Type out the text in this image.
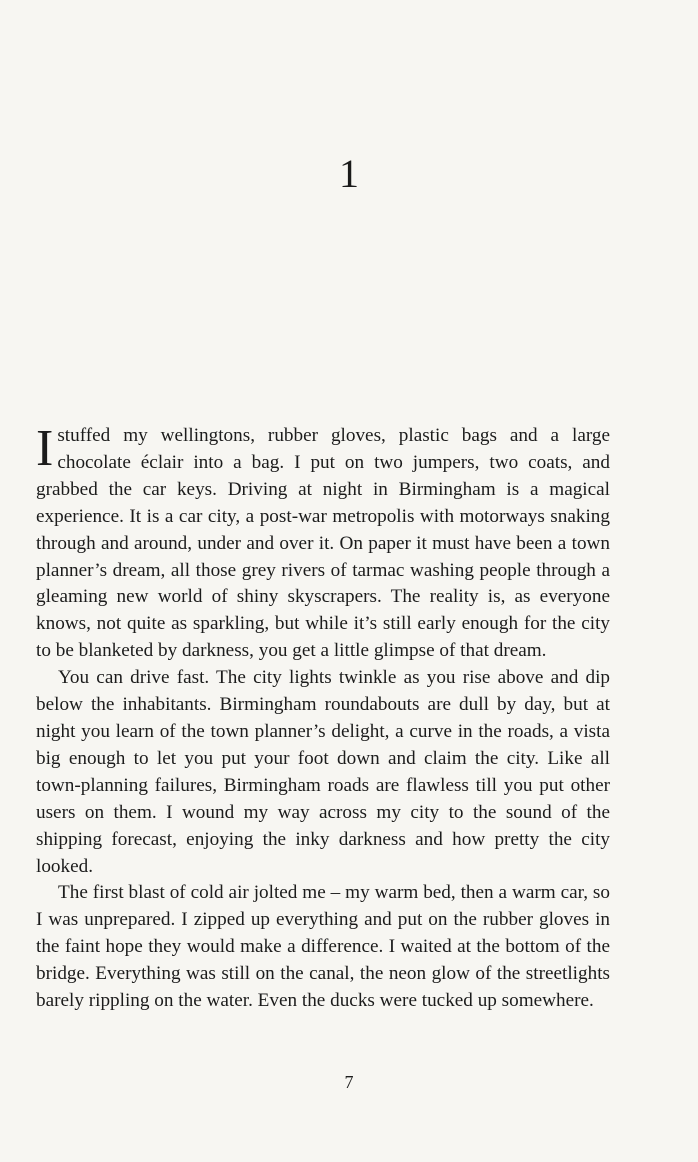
1

Istuffed my wellingtons, rubber gloves, plastic bags and a large chocolate éclair into a bag. I put on two jumpers, two coats, and grabbed the car keys. Driving at night in Birmingham is a magical experience. It is a car city, a post-war metropolis with motorways snaking through and around, under and over it. On paper it must have been a town planner’s dream, all those grey rivers of tarmac washing people through a gleaming new world of shiny skyscrapers. The reality is, as everyone knows, not quite as sparkling, but while it’s still early enough for the city to be blanketed by darkness, you get a little glimpse of that dream.

You can drive fast. The city lights twinkle as you rise above and dip below the inhabitants. Birmingham roundabouts are dull by day, but at night you learn of the town planner’s delight, a curve in the roads, a vista big enough to let you put your foot down and claim the city. Like all town-planning failures, Birmingham roads are flawless till you put other users on them. I wound my way across my city to the sound of the shipping forecast, enjoying the inky darkness and how pretty the city looked.

The first blast of cold air jolted me – my warm bed, then a warm car, so I was unprepared. I zipped up everything and put on the rubber gloves in the faint hope they would make a difference. I waited at the bottom of the bridge. Everything was still on the canal, the neon glow of the streetlights barely rippling on the water. Even the ducks were tucked up somewhere.

7
